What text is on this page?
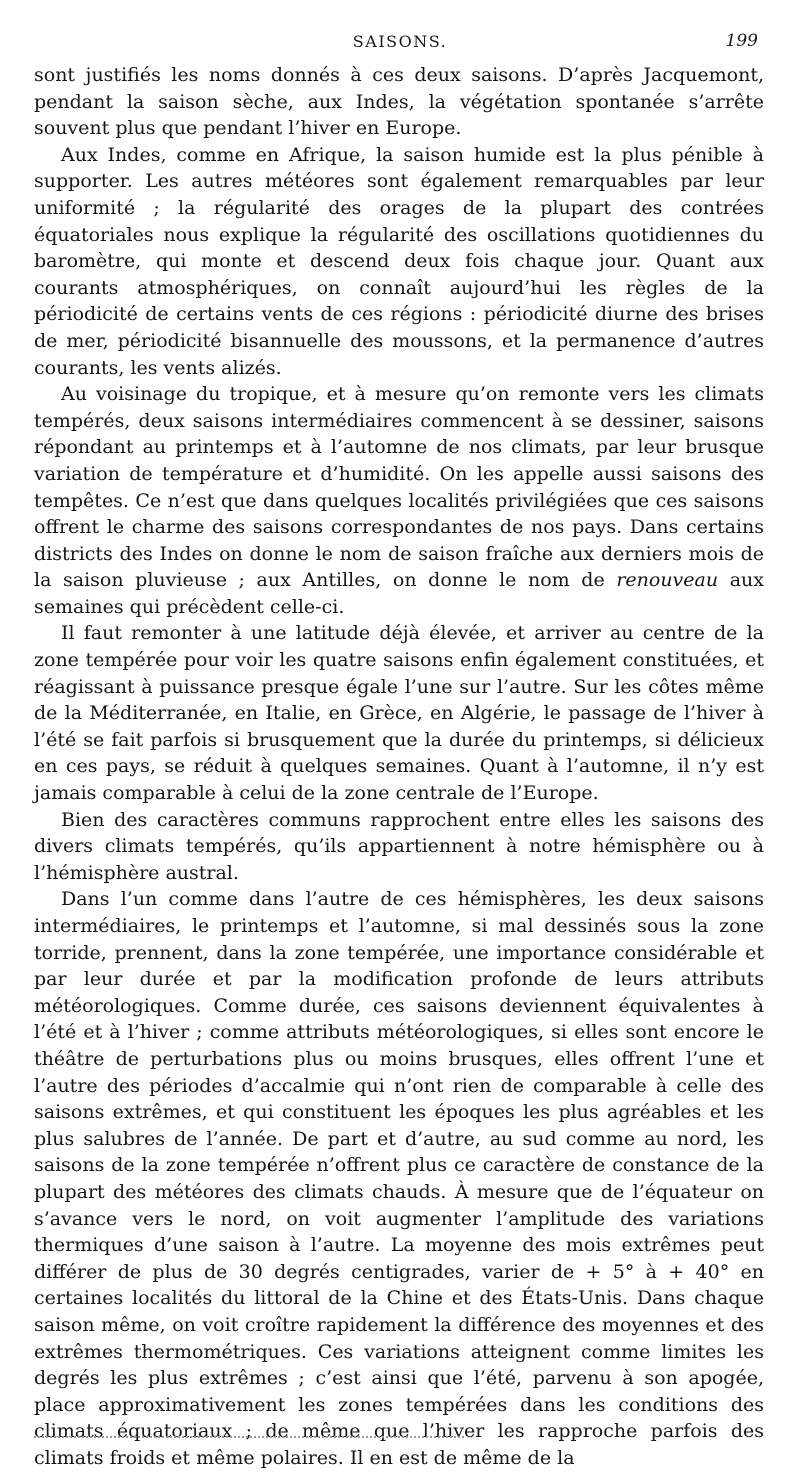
SAISONS.	199

sont justifiés les noms donnés à ces deux saisons. D’après Jacquemont, pendant la saison sèche, aux Indes, la végétation spontanée s’arrête souvent plus que pendant l’hiver en Europe.

Aux Indes, comme en Afrique, la saison humide est la plus pénible à supporter. Les autres météores sont également remarquables par leur uniformité ; la régularité des orages de la plupart des contrées équatoriales nous explique la régularité des oscillations quotidiennes du baromètre, qui monte et descend deux fois chaque jour. Quant aux courants atmosphériques, on connaît aujourd’hui les règles de la périodicité de certains vents de ces régions : périodicité diurne des brises de mer, périodicité bisannuelle des moussons, et la permanence d’autres courants, les vents alizés.

Au voisinage du tropique, et à mesure qu’on remonte vers les climats tempérés, deux saisons intermédiaires commencent à se dessiner, saisons répondant au printemps et à l’automne de nos climats, par leur brusque variation de température et d’humidité. On les appelle aussi saisons des tempêtes. Ce n’est que dans quelques localités privilégiées que ces saisons offrent le charme des saisons correspondantes de nos pays. Dans certains districts des Indes on donne le nom de saison fraîche aux derniers mois de la saison pluvieuse ; aux Antilles, on donne le nom de renouveau aux semaines qui précèdent celle-ci.

Il faut remonter à une latitude déjà élevée, et arriver au centre de la zone tempérée pour voir les quatre saisons enfin également constituées, et réagissant à puissance presque égale l’une sur l’autre. Sur les côtes même de la Méditerranée, en Italie, en Grèce, en Algérie, le passage de l’hiver à l’été se fait parfois si brusquement que la durée du printemps, si délicieux en ces pays, se réduit à quelques semaines. Quant à l’automne, il n’y est jamais comparable à celui de la zone centrale de l’Europe.

Bien des caractères communs rapprochent entre elles les saisons des divers climats tempérés, qu’ils appartiennent à notre hémisphère ou à l’hémisphère austral.

Dans l’un comme dans l’autre de ces hémisphères, les deux saisons intermédiaires, le printemps et l’automne, si mal dessinés sous la zone torride, prennent, dans la zone tempérée, une importance considérable et par leur durée et par la modification profonde de leurs attributs météorologiques. Comme durée, ces saisons deviennent équivalentes à l’été et à l’hiver ; comme attributs météorologiques, si elles sont encore le théâtre de perturbations plus ou moins brusques, elles offrent l’une et l’autre des périodes d’accalmie qui n’ont rien de comparable à celle des saisons extrêmes, et qui constituent les époques les plus agréables et les plus salubres de l’année. De part et d’autre, au sud comme au nord, les saisons de la zone tempérée n’offrent plus ce caractère de constance de la plupart des météores des climats chauds. À mesure que de l’équateur on s’avance vers le nord, on voit augmenter l’amplitude des variations thermiques d’une saison à l’autre. La moyenne des mois extrêmes peut différer de plus de 30 degrés centigrades, varier de + 5° à + 40° en certaines localités du littoral de la Chine et des États-Unis. Dans chaque saison même, on voit croître rapidement la différence des moyennes et des extrêmes thermométriques. Ces variations atteignent comme limites les degrés les plus extrêmes ; c’est ainsi que l’été, parvenu à son apogée, place approximativement les zones tempérées dans les conditions des climats équatoriaux ; de même que l’hiver les rapproche parfois des climats froids et même polaires. Il en est de même de la
